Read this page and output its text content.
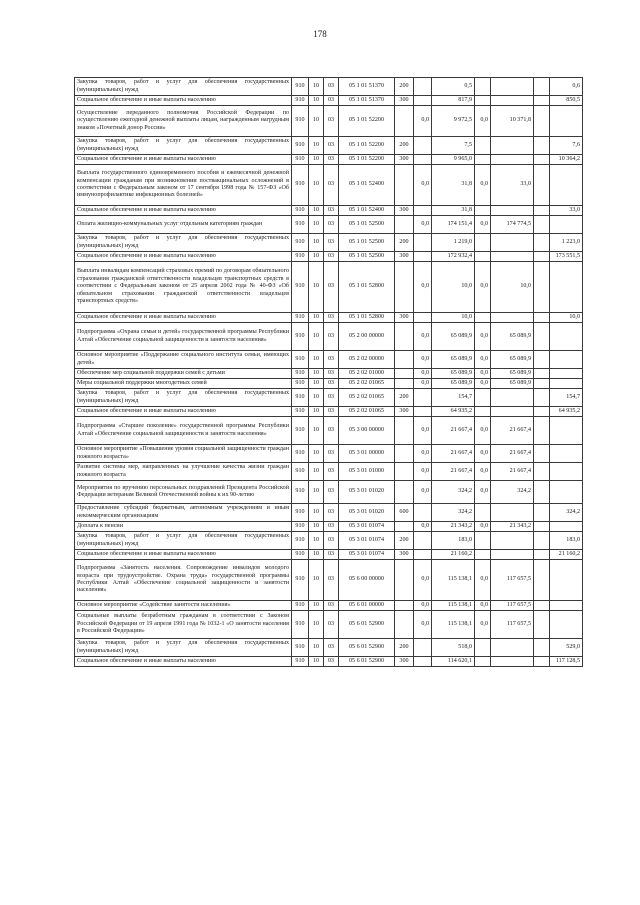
178
Закупка товаров, работ и услуг для обеспечения государственных (муниципальных) нужд	910	10	03	05 1 01 51370	200		0,5				0,6
Социальное обеспечение и иные выплаты населению	910	10	03	05 1 01 51370	300		817,9				850,5
Осуществление переданного полномочия Российской Федерации по осуществлению ежегодной денежной выплаты лицам, награжденным нагрудным знаком «Почетный донор России»	910	10	03	05 1 01 52200		0,0	9 972,5	0,0	10 371,8		
Закупка товаров, работ и услуг для обеспечения государственных (муниципальных) нужд	910	10	03	05 1 01 52200	200		7,5				7,6
Социальное обеспечение и иные выплаты населению	910	10	03	05 1 01 52200	300		9 965,0				10 364,2
Выплата государственного единовременного пособия и ежемесячной денежной компенсации гражданам при возникновении поствакцинальных осложнений в соответствии с Федеральным законом от 17 сентября 1998 года № 157-ФЗ «Об иммунопрофилактике инфекционных болезней»	910	10	03	05 1 01 52400		0,0	31,8	0,0	33,0		
Социальное обеспечение и иные выплаты населению	910	10	03	05 1 01 52400	300		31,8				33,0
Оплата жилищно-коммунальных услуг отдельным категориям граждан	910	10	03	05 1 01 52500		0,0	174 151,4	0,0	174 774,5		
Закупка товаров, работ и услуг для обеспечения государственных (муниципальных) нужд	910	10	03	05 1 01 52500	200		1 219,0				1 223,0
Социальное обеспечение и иные выплаты населению	910	10	03	05 1 01 52500	300		172 932,4				173 551,5
Выплата инвалидам компенсаций страховых премий по договорам обязательного страхования гражданской ответственности владельцев транспортных средств в соответствии с Федеральным законом от 25 апреля 2002 года № 40-ФЗ «Об обязательном страховании гражданской ответственности владельцев транспортных средств»	910	10	03	05 1 01 52800		0,0	10,0	0,0	10,0		
Социальное обеспечение и иные выплаты населению	910	10	03	05 1 01 52800	300		10,0				10,0
Подпрограмма «Охрана семьи и детей» государственной программы Республики Алтай «Обеспечение социальной защищенности и занятости населения»	910	10	03	05 2 00 00000		0,0	65 089,9	0,0	65 089,9		
Основное мероприятие «Поддержание социального института семьи, имеющих детей»	910	10	03	05 2 02 00000		0,0	65 089,9	0,0	65 089,9		
Обеспечение мер социальной поддержки семей с детьми	910	10	03	05 2 02 01000		0,0	65 089,9	0,0	65 089,9		
Меры социальной поддержки многодетных семей	910	10	03	05 2 02 01065		0,0	65 089,9	0,0	65 089,9		
Закупка товаров, работ и услуг для обеспечения государственных (муниципальных) нужд	910	10	03	05 2 02 01065	200		154,7				154,7
Социальное обеспечение и иные выплаты населению	910	10	03	05 2 02 01065	300		64 935,2				64 935,2
Подпрограмма «Старшее поколение» государственной программы Республики Алтай «Обеспечение социальной защищенности и занятости населения»	910	10	03	05 3 00 00000		0,0	21 667,4	0,0	21 667,4		
Основное мероприятие «Повышение уровня социальной защищенности граждан пожилого возраста»	910	10	03	05 3 01 00000		0,0	21 667,4	0,0	21 667,4		
Развитие системы мер, направленных на улучшение качества жизни граждан пожилого возраста	910	10	03	05 3 01 01000		0,0	21 667,4	0,0	21 667,4		
Мероприятия по вручению персональных поздравлений Президента Российской Федерации ветеранам Великой Отечественной войны к их 90-летию	910	10	03	05 3 01 01020		0,0	324,2	0,0	324,2		
Предоставление субсидий бюджетным, автономным учреждениям и иным некоммерческим организациям	910	10	03	05 3 01 01020	600		324,2				324,2
Доплата к пенсии	910	10	03	05 3 01 01074		0,0	21 343,2	0,0	21 343,2		
Закупка товаров, работ и услуг для обеспечения государственных (муниципальных) нужд	910	10	03	05 3 01 01074	200		183,0				183,0
Социальное обеспечение и иные выплаты населению	910	10	03	05 3 01 01074	300		21 160,2				21 160,2
Подпрограмма «Занятость населения. Сопровождение инвалидов молодого возраста при трудоустройстве. Охрана труда» государственной программы Республики Алтай «Обеспечение социальной защищенности и занятости населения»	910	10	03	05 6 00 00000		0,0	115 138,1	0,0	117 657,5		
Основное мероприятие «Содействие занятости населения»	910	10	03	05 6 01 00000		0,0	115 138,1	0,0	117 657,5		
Социальные выплаты безработным гражданам в соответствии с Законом Российской Федерации от 19 апреля 1991 года № 1032-1 «О занятости населения в Российской Федерации»	910	10	03	05 6 01 52900		0,0	115 138,1	0,0	117 657,5		
Закупка товаров, работ и услуг для обеспечения государственных (муниципальных) нужд	910	10	03	05 6 01 52900	200		518,0				529,0
Социальное обеспечение и иные выплаты населению	910	10	03	05 6 01 52900	300		114 620,1				117 128,5
